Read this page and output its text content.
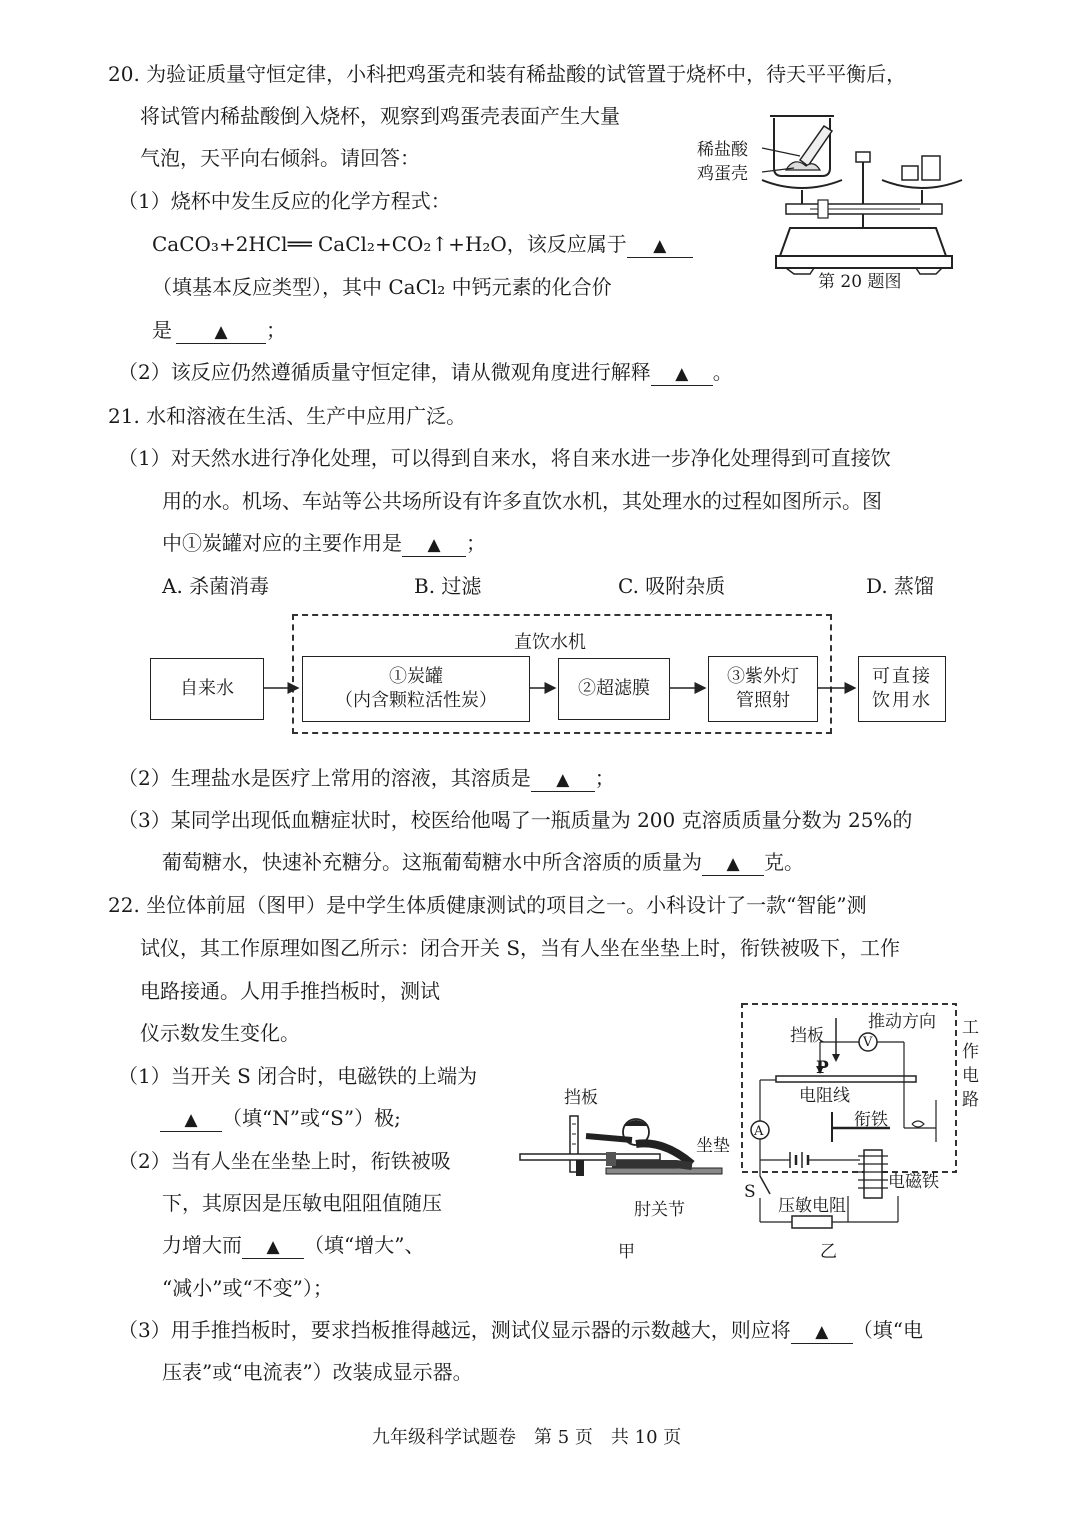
20. 为验证质量守恒定律，小科把鸡蛋壳和装有稀盐酸的试管置于烧杯中，待天平平衡后，
将试管内稀盐酸倒入烧杯，观察到鸡蛋壳表面产生大量
气泡，天平向右倾斜。请回答：
（1）烧杯中发生反应的化学方程式：
CaCO₃+2HCl══ CaCl₂+CO₂↑+H₂O，该反应属于 ▲
（填基本反应类型），其中 CaCl₂ 中钙元素的化合价
是 ▲ ；
（2）该反应仍然遵循质量守恒定律，请从微观角度进行解释 ▲ 。
稀盐酸
鸡蛋壳
第 20 题图
21. 水和溶液在生活、生产中应用广泛。
（1）对天然水进行净化处理，可以得到自来水，将自来水进一步净化处理得到可直接饮
用的水。机场、车站等公共场所设有许多直饮水机，其处理水的过程如图所示。图
中①炭罐对应的主要作用是 ▲ ；
A. 杀菌消毒	B. 过滤	C. 吸附杂质	D. 蒸馏
直饮水机
自来水
①炭罐
（内含颗粒活性炭）
②超滤膜
③紫外灯
管照射
可直接
饮用水
（2）生理盐水是医疗上常用的溶液，其溶质是 ▲ ；
（3）某同学出现低血糖症状时，校医给他喝了一瓶质量为 200 克溶质质量分数为 25%的
葡萄糖水，快速补充糖分。这瓶葡萄糖水中所含溶质的质量为 ▲ 克。
22. 坐位体前屈（图甲）是中学生体质健康测试的项目之一。小科设计了一款“智能”测
试仪，其工作原理如图乙所示：闭合开关 S，当有人坐在坐垫上时，衔铁被吸下，工作
电路接通。人用手推挡板时，测试
仪示数发生变化。
（1）当开关 S 闭合时，电磁铁的上端为
▲ （填“N”或“S”）极;
（2）当有人坐在坐垫上时，衔铁被吸
下，其原因是压敏电阻阻值随压
力增大而 ▲ （填“增大”、
“减小”或“不变”）；
（3）用手推挡板时，要求挡板推得越远，测试仪显示器的示数越大，则应将 ▲ （填“电
压表”或“电流表”）改装成显示器。
挡板
坐垫
肘关节
甲
推动方向
挡板
P
电阻线
衔铁
工
作
电
路
电磁铁
S
压敏电阻
A
V
乙
九年级科学试题卷　第 5 页　共 10 页
